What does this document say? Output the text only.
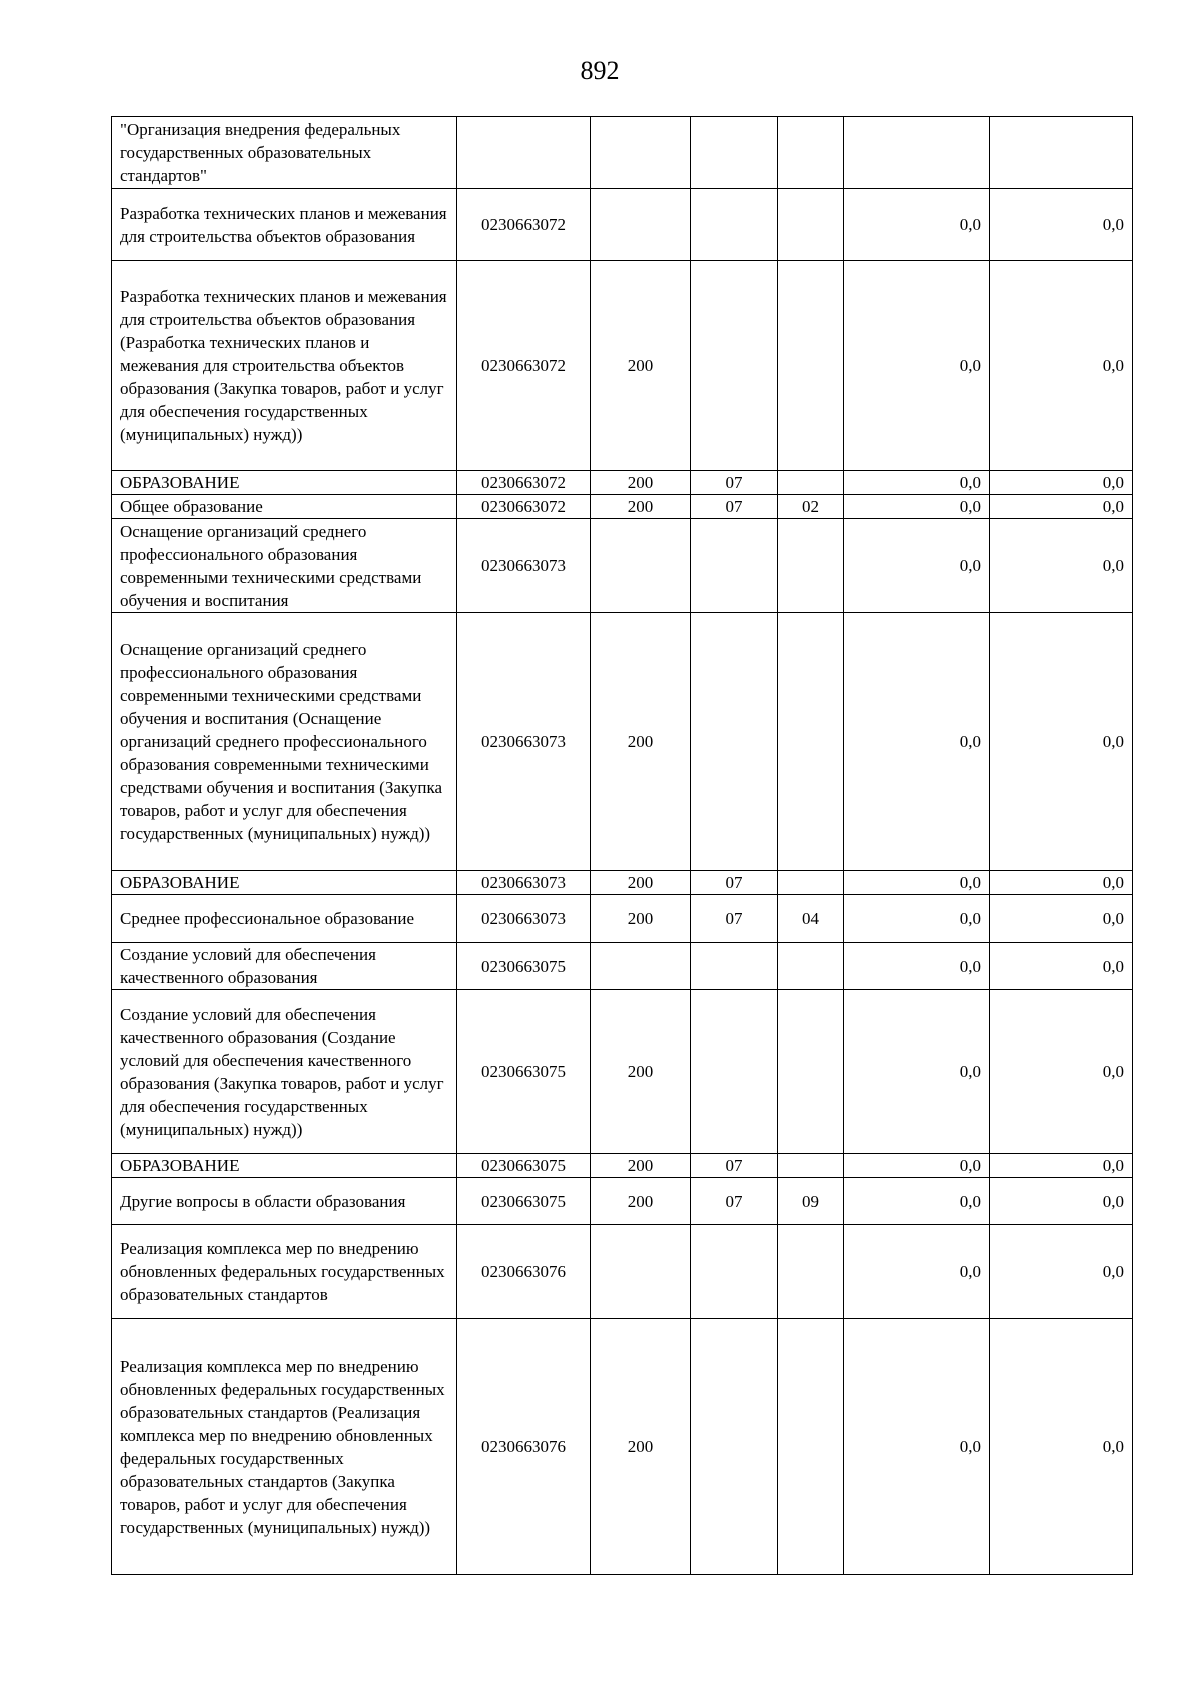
892
"Организация внедрения федеральных государственных образовательных стандартов"						
Разработка технических планов и межевания для строительства объектов образования	0230663072				0,0	0,0
Разработка технических планов и межевания для строительства объектов образования (Разработка технических планов и межевания для строительства объектов образования (Закупка товаров, работ и услуг для обеспечения государственных (муниципальных) нужд))	0230663072	200			0,0	0,0
ОБРАЗОВАНИЕ	0230663072	200	07		0,0	0,0
Общее образование	0230663072	200	07	02	0,0	0,0
Оснащение организаций среднего профессионального образования современными техническими средствами обучения и воспитания	0230663073				0,0	0,0
Оснащение организаций среднего профессионального образования современными техническими средствами обучения и воспитания (Оснащение организаций среднего профессионального образования современными техническими средствами обучения и воспитания (Закупка товаров, работ и услуг для обеспечения государственных (муниципальных) нужд))	0230663073	200			0,0	0,0
ОБРАЗОВАНИЕ	0230663073	200	07		0,0	0,0
Среднее профессиональное образование	0230663073	200	07	04	0,0	0,0
Создание условий для обеспечения качественного образования	0230663075				0,0	0,0
Создание условий для обеспечения качественного образования (Создание условий для обеспечения качественного образования (Закупка товаров, работ и услуг для обеспечения государственных (муниципальных) нужд))	0230663075	200			0,0	0,0
ОБРАЗОВАНИЕ	0230663075	200	07		0,0	0,0
Другие вопросы в области образования	0230663075	200	07	09	0,0	0,0
Реализация комплекса мер по внедрению обновленных федеральных государственных образовательных стандартов	0230663076				0,0	0,0
Реализация комплекса мер по внедрению обновленных федеральных государственных образовательных стандартов (Реализация комплекса мер по внедрению обновленных федеральных государственных образовательных стандартов (Закупка товаров, работ и услуг для обеспечения государственных (муниципальных) нужд))	0230663076	200			0,0	0,0
